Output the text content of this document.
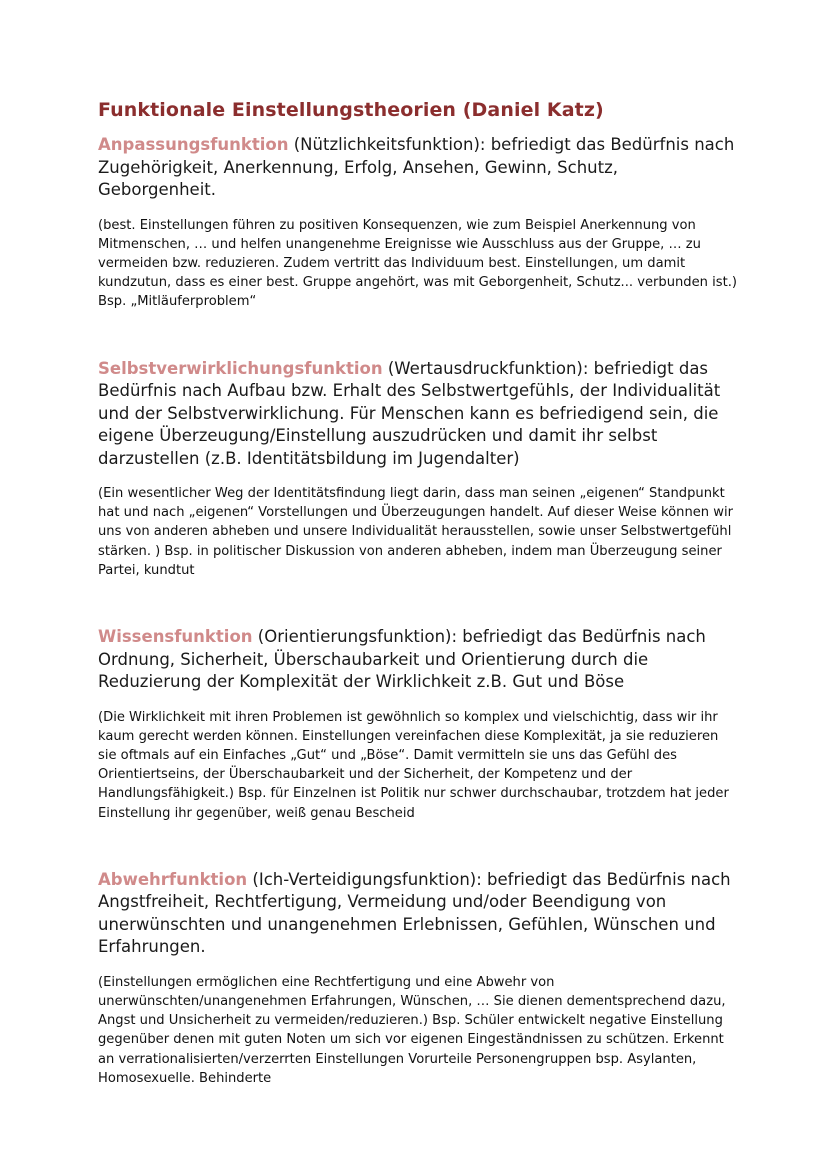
Funktionale Einstellungstheorien (Daniel Katz)

Anpassungsfunktion (Nützlichkeitsfunktion): befriedigt das Bedürfnis nach Zugehörigkeit, Anerkennung, Erfolg, Ansehen, Gewinn, Schutz, Geborgenheit.

(best. Einstellungen führen zu positiven Konsequenzen, wie zum Beispiel Anerkennung von Mitmenschen, … und helfen unangenehme Ereignisse wie Ausschluss aus der Gruppe, … zu vermeiden bzw. reduzieren. Zudem vertritt das Individuum best. Einstellungen, um damit kundzutun, dass es einer best. Gruppe angehört, was mit Geborgenheit, Schutz... verbunden ist.) Bsp. „Mitläuferproblem“

Selbstverwirklichungsfunktion (Wertausdruckfunktion): befriedigt das Bedürfnis nach Aufbau bzw. Erhalt des Selbstwertgefühls, der Individualität und der Selbstverwirklichung. Für Menschen kann es befriedigend sein, die eigene Überzeugung/Einstellung auszudrücken und damit ihr selbst darzustellen (z.B. Identitätsbildung im Jugendalter)

(Ein wesentlicher Weg der Identitätsfindung liegt darin, dass man seinen „eigenen“ Standpunkt hat und nach „eigenen“ Vorstellungen und Überzeugungen handelt. Auf dieser Weise können wir uns von anderen abheben und unsere Individualität herausstellen, sowie unser Selbstwertgefühl stärken. ) Bsp. in politischer Diskussion von anderen abheben, indem man Überzeugung seiner Partei, kundtut

Wissensfunktion (Orientierungsfunktion): befriedigt das Bedürfnis nach Ordnung, Sicherheit, Überschaubarkeit und Orientierung durch die Reduzierung der Komplexität der Wirklichkeit z.B. Gut und Böse

(Die Wirklichkeit mit ihren Problemen ist gewöhnlich so komplex und vielschichtig, dass wir ihr kaum gerecht werden können. Einstellungen vereinfachen diese Komplexität, ja sie reduzieren sie oftmals auf ein Einfaches „Gut“ und „Böse“. Damit vermitteln sie uns das Gefühl des Orientiertseins, der Überschaubarkeit und der Sicherheit, der Kompetenz und der Handlungsfähigkeit.) Bsp. für Einzelnen ist Politik nur schwer durchschaubar, trotzdem hat jeder Einstellung ihr gegenüber, weiß genau Bescheid

Abwehrfunktion (Ich-Verteidigungsfunktion): befriedigt das Bedürfnis nach Angstfreiheit, Rechtfertigung, Vermeidung und/oder Beendigung von unerwünschten und unangenehmen Erlebnissen, Gefühlen, Wünschen und Erfahrungen.

(Einstellungen ermöglichen eine Rechtfertigung und eine Abwehr von unerwünschten/unangenehmen Erfahrungen, Wünschen, … Sie dienen dementsprechend dazu, Angst und Unsicherheit zu vermeiden/reduzieren.) Bsp. Schüler entwickelt negative Einstellung gegenüber denen mit guten Noten um sich vor eigenen Eingeständnissen zu schützen. Erkennt an verrationalisierten/verzerrten Einstellungen Vorurteile Personengruppen bsp. Asylanten, Homosexuelle. Behinderte
